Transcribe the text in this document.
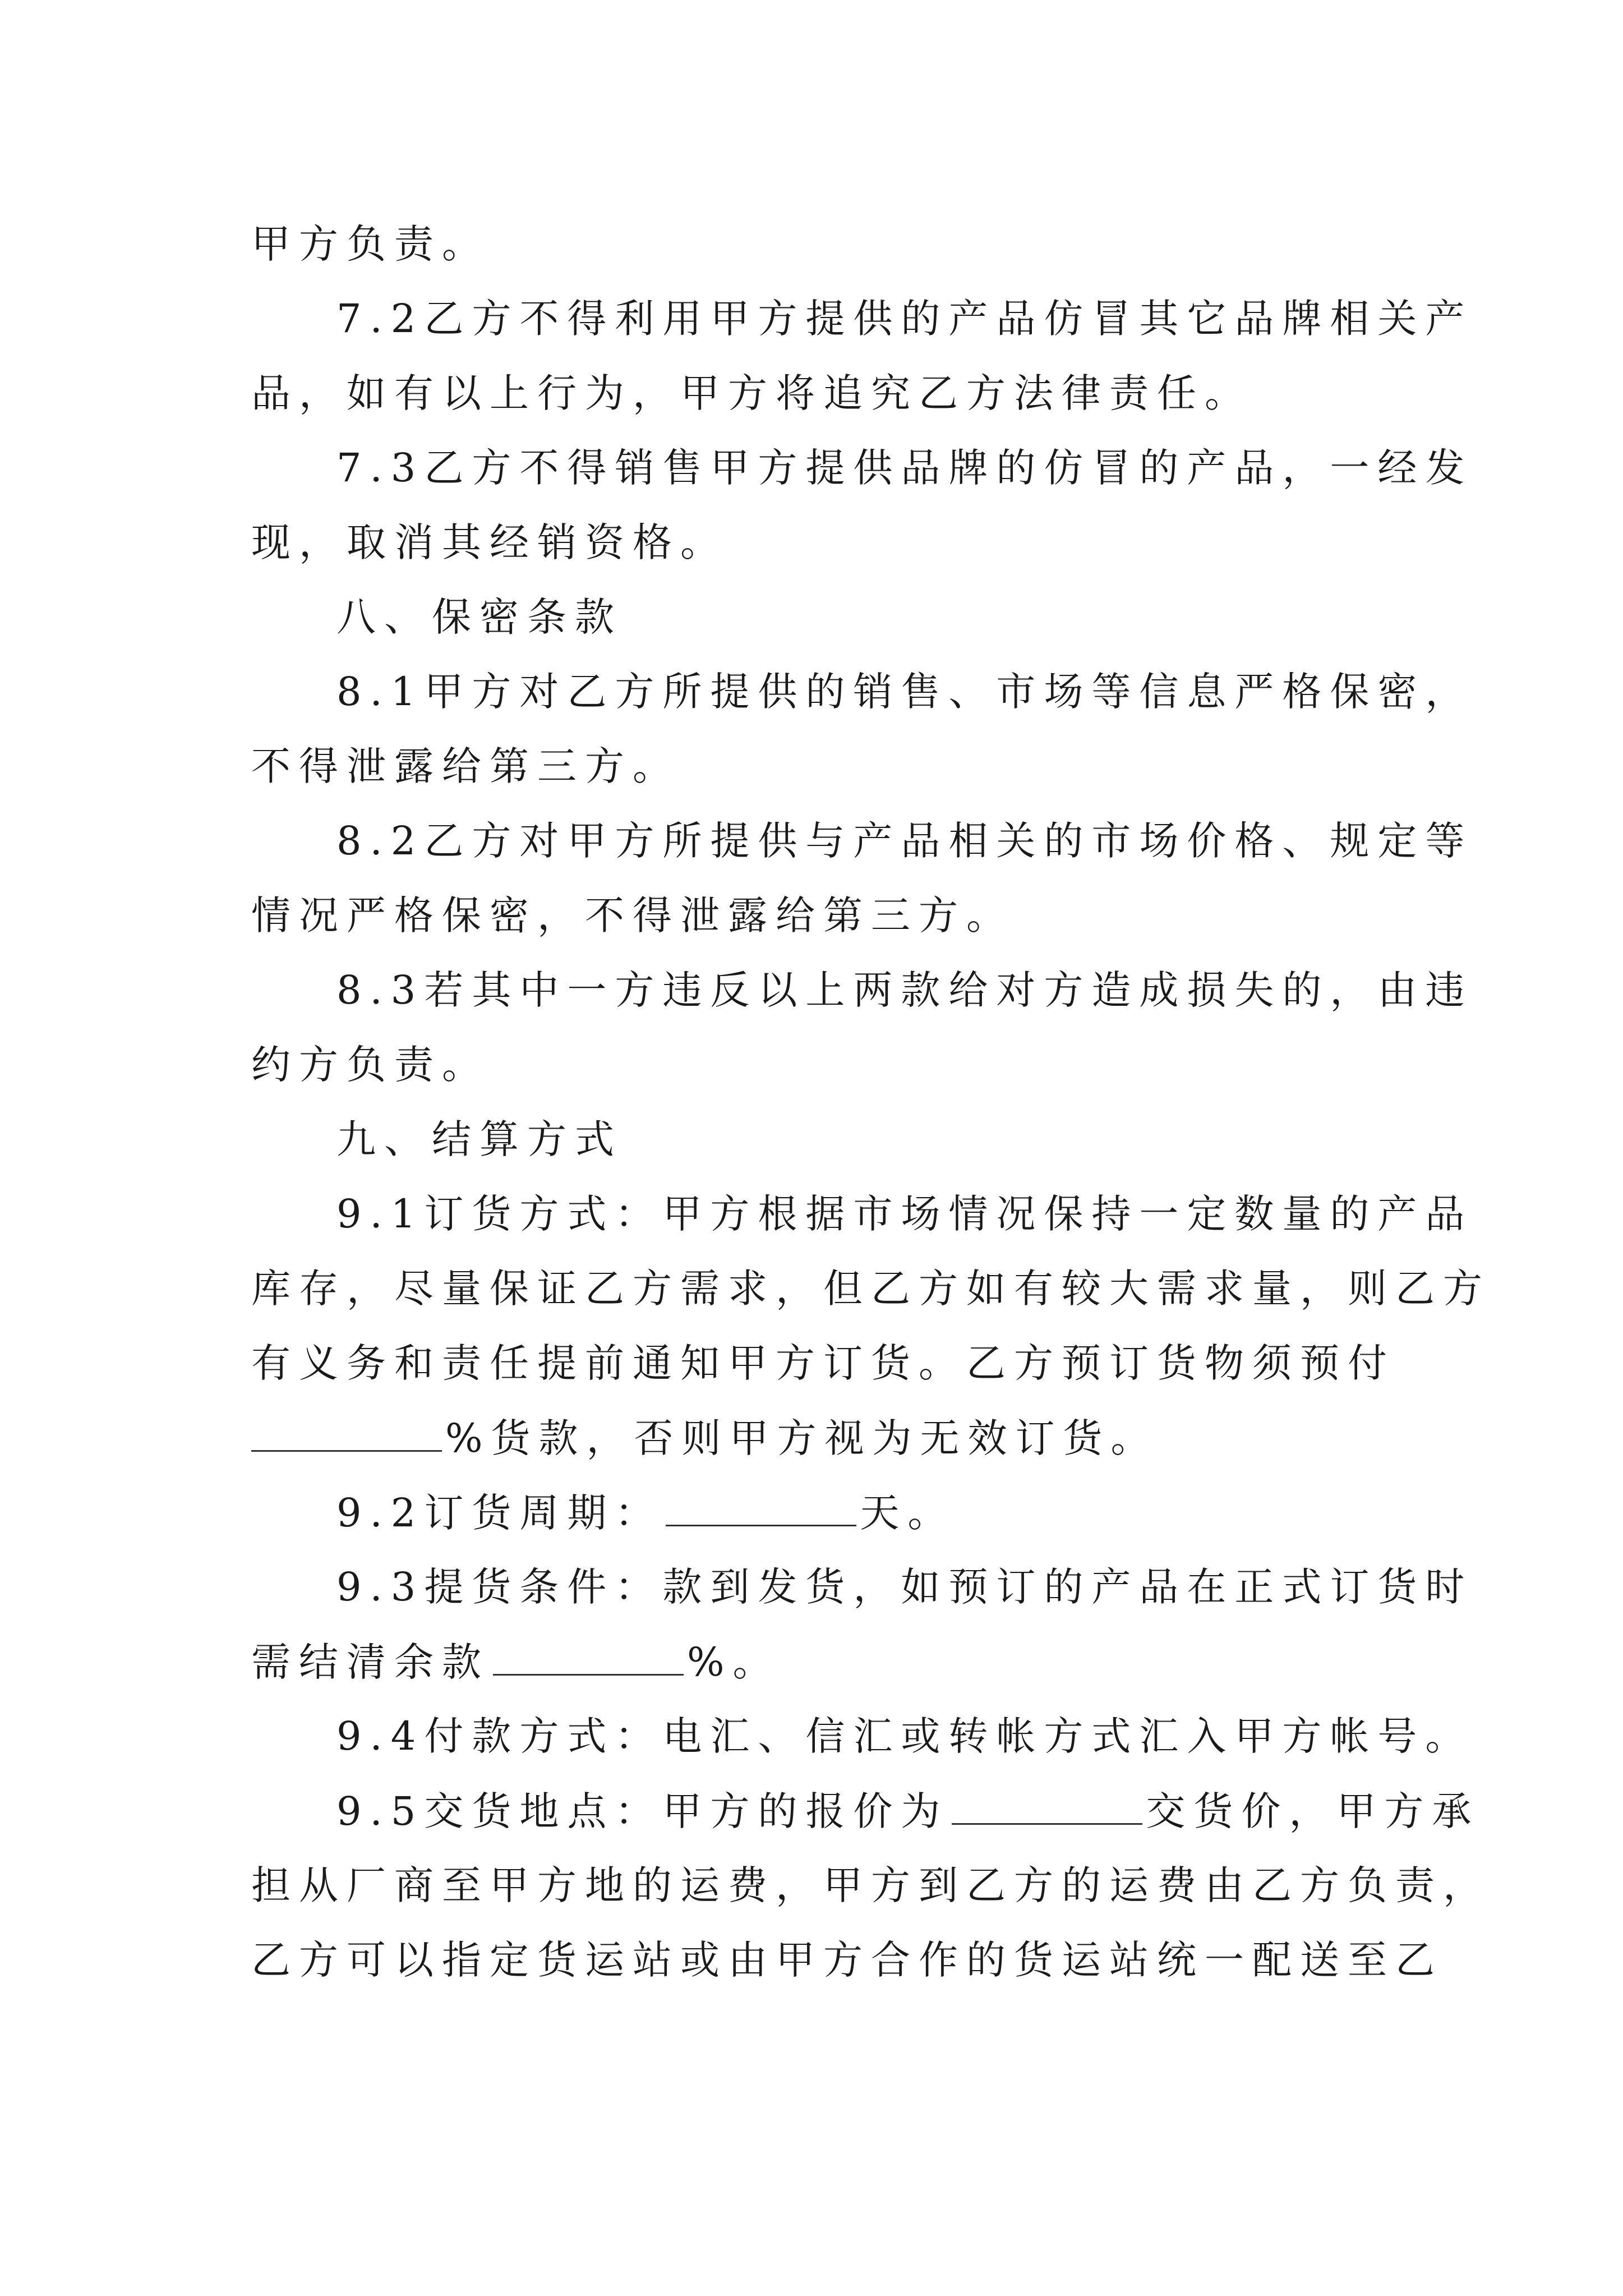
甲方负责。

7.2乙方不得利用甲方提供的产品仿冒其它品牌相关产

品，如有以上行为，甲方将追究乙方法律责任。

7.3乙方不得销售甲方提供品牌的仿冒的产品，一经发

现，取消其经销资格。

八、保密条款

8.1甲方对乙方所提供的销售、市场等信息严格保密，

不得泄露给第三方。

8.2乙方对甲方所提供与产品相关的市场价格、规定等

情况严格保密，不得泄露给第三方。

8.3若其中一方违反以上两款给对方造成损失的，由违

约方负责。

九、结算方式

9.1订货方式：甲方根据市场情况保持一定数量的产品

库存，尽量保证乙方需求，但乙方如有较大需求量，则乙方

有义务和责任提前通知甲方订货。乙方预订货物须预付

%货款，否则甲方视为无效订货。

9.2订货周期：	天。

9.3提货条件：款到发货，如预订的产品在正式订货时

需结清余款	%。

9.4付款方式：电汇、信汇或转帐方式汇入甲方帐号。

9.5交货地点：甲方的报价为	交货价，甲方承

担从厂商至甲方地的运费，甲方到乙方的运费由乙方负责，

乙方可以指定货运站或由甲方合作的货运站统一配送至乙
